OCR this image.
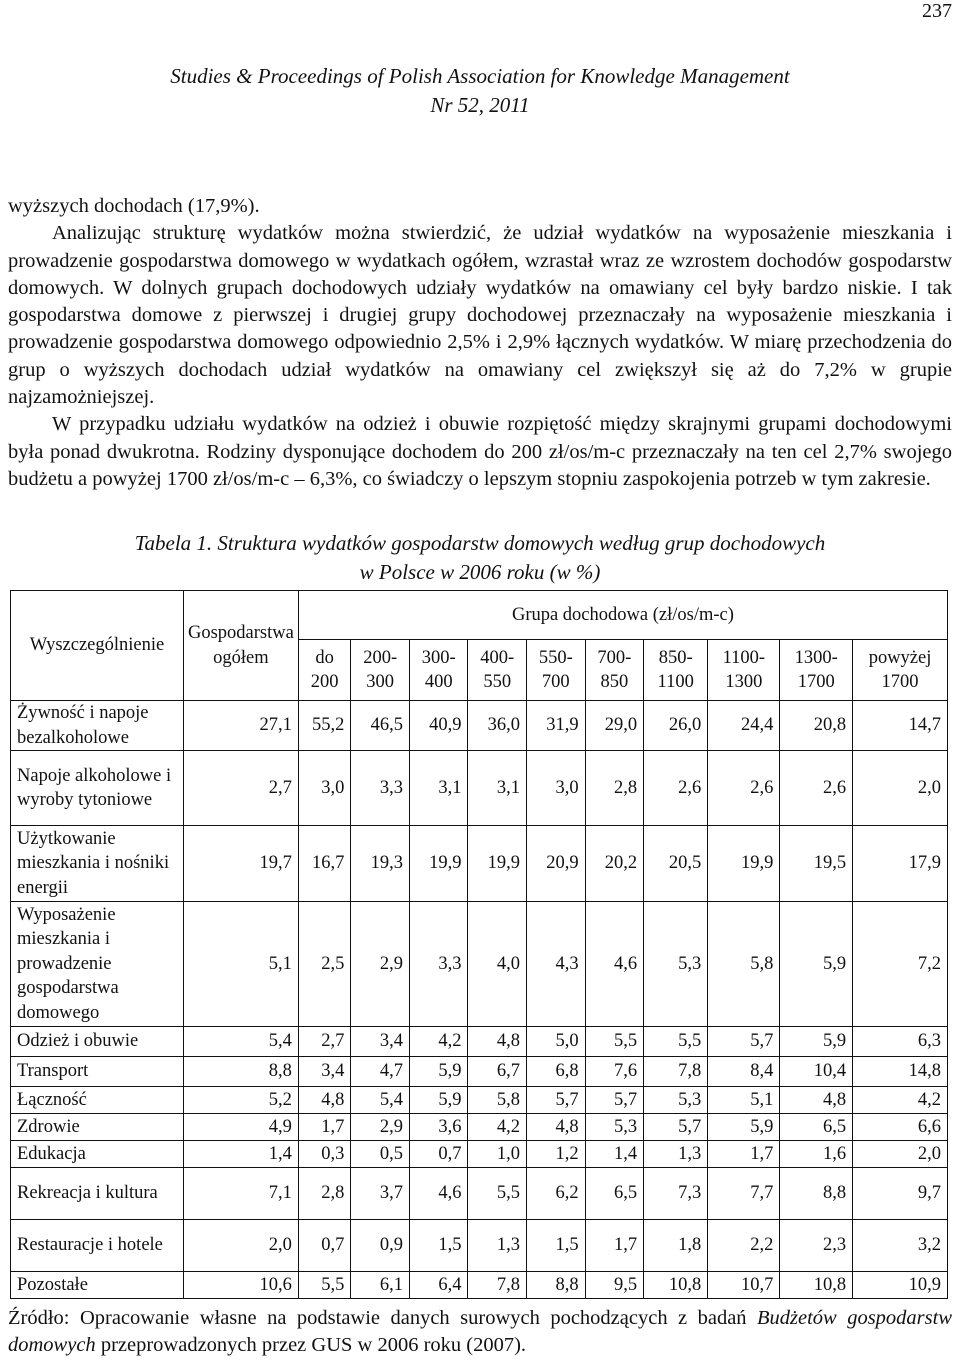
237
Studies & Proceedings of Polish Association for Knowledge Management
Nr 52, 2011

wyższych dochodach (17,9%).

Analizując strukturę wydatków można stwierdzić, że udział wydatków na wyposażenie mieszkania i prowadzenie gospodarstwa domowego w wydatkach ogółem, wzrastał wraz ze wzrostem dochodów gospodarstw domowych. W dolnych grupach dochodowych udziały wydatków na omawiany cel były bardzo niskie. I tak gospodarstwa domowe z pierwszej i drugiej grupy dochodowej przeznaczały na wyposażenie mieszkania i prowadzenie gospodarstwa domowego odpowiednio 2,5% i 2,9% łącznych wydatków. W miarę przechodzenia do grup o wyższych dochodach udział wydatków na omawiany cel zwiększył się aż do 7,2% w grupie najzamożniejszej.

W przypadku udziału wydatków na odzież i obuwie rozpiętość między skrajnymi grupami dochodowymi była ponad dwukrotna. Rodziny dysponujące dochodem do 200 zł/os/m-c przeznaczały na ten cel 2,7% swojego budżetu a powyżej 1700 zł/os/m-c – 6,3%, co świadczy o lepszym stopniu zaspokojenia potrzeb w tym zakresie.

Tabela 1. Struktura wydatków gospodarstw domowych według grup dochodowych
w Polsce w 2006 roku (w %)
Wyszczególnienie	Gospodarstwa ogółem	Grupa dochodowa (zł/os/m-c)									
		do 200	200-300	300-400	400-550	550-700	700-850	850-1100	1100-1300	1300-1700	powyżej 1700
Żywność i napoje bezalkoholowe	27,1	55,2	46,5	40,9	36,0	31,9	29,0	26,0	24,4	20,8	14,7
Napoje alkoholowe i wyroby tytoniowe	2,7	3,0	3,3	3,1	3,1	3,0	2,8	2,6	2,6	2,6	2,0
Użytkowanie mieszkania i nośniki energii	19,7	16,7	19,3	19,9	19,9	20,9	20,2	20,5	19,9	19,5	17,9
Wyposażenie mieszkania i prowadzenie gospodarstwa domowego	5,1	2,5	2,9	3,3	4,0	4,3	4,6	5,3	5,8	5,9	7,2
Odzież i obuwie	5,4	2,7	3,4	4,2	4,8	5,0	5,5	5,5	5,7	5,9	6,3
Transport	8,8	3,4	4,7	5,9	6,7	6,8	7,6	7,8	8,4	10,4	14,8
Łączność	5,2	4,8	5,4	5,9	5,8	5,7	5,7	5,3	5,1	4,8	4,2
Zdrowie	4,9	1,7	2,9	3,6	4,2	4,8	5,3	5,7	5,9	6,5	6,6
Edukacja	1,4	0,3	0,5	0,7	1,0	1,2	1,4	1,3	1,7	1,6	2,0
Rekreacja i kultura	7,1	2,8	3,7	4,6	5,5	6,2	6,5	7,3	7,7	8,8	9,7
Restauracje i hotele	2,0	0,7	0,9	1,5	1,3	1,5	1,7	1,8	2,2	2,3	3,2
Pozostałe	10,6	5,5	6,1	6,4	7,8	8,8	9,5	10,8	10,7	10,8	10,9
Źródło: Opracowanie własne na podstawie danych surowych pochodzących z badań Budżetów gospodarstw domowych przeprowadzonych przez GUS w 2006 roku (2007).
